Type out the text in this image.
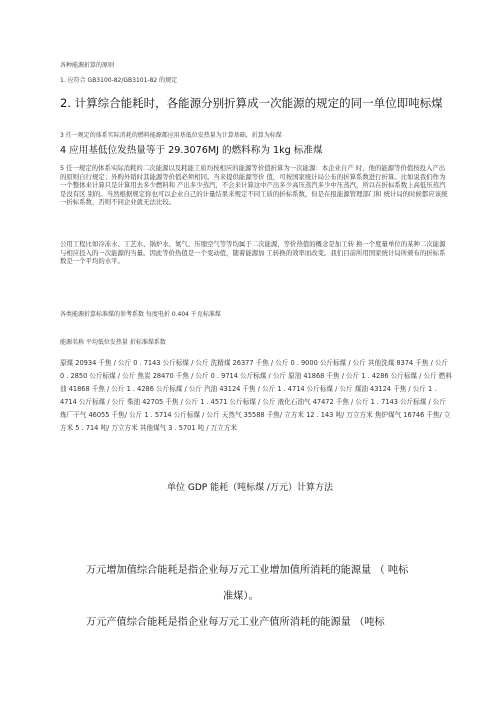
各种能源折算的原则

1. 应符合 GB3100-82/GB3101-82 的规定

2. 计算综合能耗时，各能源分别折算成一次能源的规定的同一单位即吨标煤

3 任一规定的体系实际消耗的燃料能源都应用基低位发热量为计算基础，折算为标煤

4 应用基低位发热量等于 29.3076MJ 的燃料称为 1kg 标准煤

5 任一规定的体系实际消耗的二次能源以及耗能工质均按相应的能源等价值折算为一次能源：本企业自产 时，他的能源等价值按投入产出的原则自行规定；外购外销时其能源等价值必须相同。当来提供能源等价 值，可按国家统计局公布的折算系数进行折算。比如说我们作为一个整体来计算只是计算用去多少燃料和 产出多少蒸汽，不会来计算这中产出多少高压蒸汽多少中压蒸汽，所以在折标系数上高低压蒸汽是没有区 别的。当然根据规定你也可以企业自己的计量结果来规定不同工质的折标系数，但是在报能源管理部门和 统计局的时候都应该统一折标系数，否则不同企业就无法比较。

公用工程比如冷冻水、工艺水、锅炉水、氮气、压缩空气等等均属于二次能源，等价热值的概念是加工转 换一个度量单位的某种二次能源与相应投入的一次能源的当量。因此等价热值是一个变动值，随着能源加 工转换的效率而改变。我们目前所用国家统计局所颁布的折标系数是一个平均的水平。

各类能源折算标准煤的参考系数 每度电折 0.404 千克标准煤

能源名称 平均低位发热量 折标准煤系数

原煤 20934 千焦 / 公斤 0 . 7143 公斤标煤 / 公斤 洗精煤 26377 千焦 / 公斤 0 . 9000 公斤标煤 / 公斤 其他洗煤 8374 千焦 / 公斤 0 . 2850 公斤标煤 / 公斤 焦炭 28470 千焦 / 公斤 0 . 9714 公斤标煤 / 公斤 原油 41868 千焦 / 公斤 1 . 4286 公斤标煤 / 公斤 燃料油 41868 千焦 / 公斤 1 . 4286 公斤标煤 / 公斤 汽油 43124 千焦 / 公斤 1 . 4714 公斤标煤 / 公斤 煤油 43124 千焦 / 公斤 1 . 4714 公斤标煤 / 公斤 柴油 42705 千焦 / 公斤 1 . 4571 公斤标煤 / 公斤 液化石油气 47472 千焦 / 公斤 1 . 7143 公斤标煤 / 公斤 炼厂干气 46055 千焦/ 公斤 1 . 5714 公斤标煤 / 公斤 天然气 35588 千焦/ 立方米 12 . 143 吨/ 万立方米 焦炉煤气 16746 千焦/ 立方米 5 . 714 吨/ 万立方米 其他煤气 3 . 5701 吨 / 万立方米

单位 GDP 能耗（吨标煤 /万元）计算方法

万元增加值综合能耗是指企业每万元工业增加值所消耗的能源量 （ 吨标

准煤）。

万元产值综合能耗是指企业每万元工业产值所消耗的能源量 （吨标
